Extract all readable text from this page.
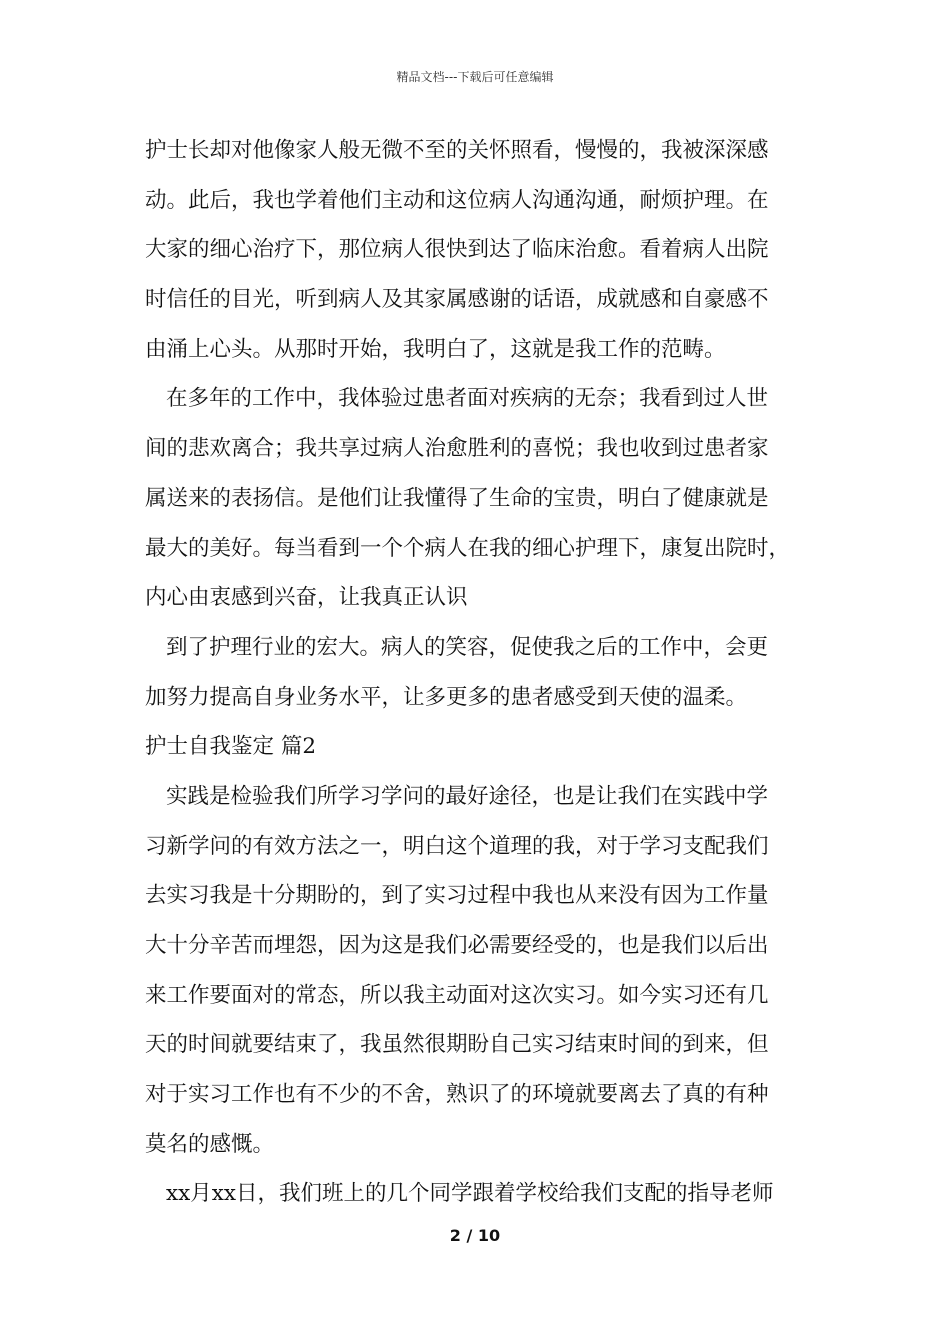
精品文档---下载后可任意编辑
护士长却对他像家人般无微不至的关怀照看，慢慢的，我被深深感
动。此后，我也学着他们主动和这位病人沟通沟通，耐烦护理。在
大家的细心治疗下，那位病人很快到达了临床治愈。看着病人出院
时信任的目光，听到病人及其家属感谢的话语，成就感和自豪感不
由涌上心头。从那时开始，我明白了，这就是我工作的范畴。
在多年的工作中，我体验过患者面对疾病的无奈；我看到过人世
间的悲欢离合；我共享过病人治愈胜利的喜悦；我也收到过患者家
属送来的表扬信。是他们让我懂得了生命的宝贵，明白了健康就是
最大的美好。每当看到一个个病人在我的细心护理下，康复出院时，
内心由衷感到兴奋，让我真正认识
到了护理行业的宏大。病人的笑容，促使我之后的工作中，会更
加努力提高自身业务水平，让多更多的患者感受到天使的温柔。
护士自我鉴定 篇2
实践是检验我们所学习学问的最好途径，也是让我们在实践中学
习新学问的有效方法之一，明白这个道理的我，对于学习支配我们
去实习我是十分期盼的，到了实习过程中我也从来没有因为工作量
大十分辛苦而埋怨，因为这是我们必需要经受的，也是我们以后出
来工作要面对的常态，所以我主动面对这次实习。如今实习还有几
天的时间就要结束了，我虽然很期盼自己实习结束时间的到来，但
对于实习工作也有不少的不舍，熟识了的环境就要离去了真的有种
莫名的感慨。
xx月xx日，我们班上的几个同学跟着学校给我们支配的指导老师
2 / 10
